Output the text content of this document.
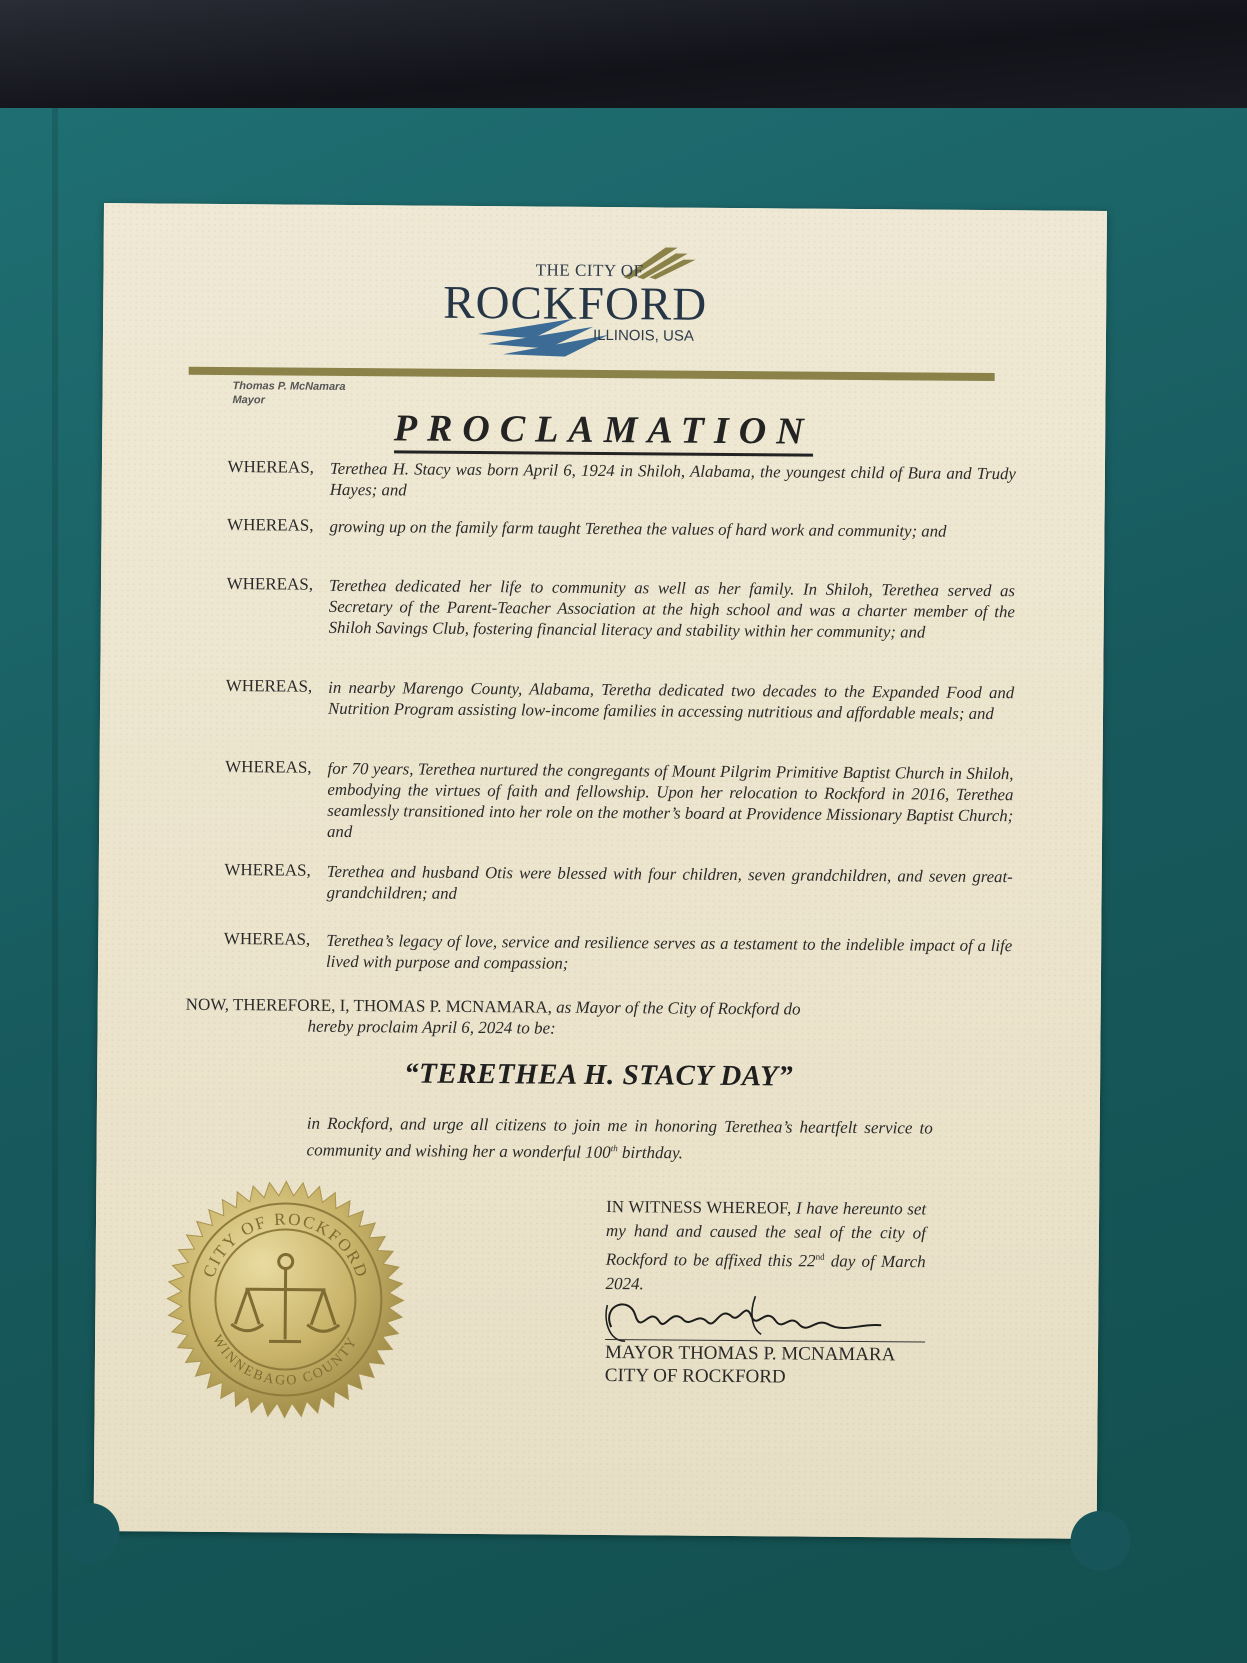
THE CITY OF
ROCKFORD
ILLINOIS, USA
Thomas P. McNamara
Mayor
PROCLAMATION
WHEREAS, Terethea H. Stacy was born April 6, 1924 in Shiloh, Alabama, the youngest child of Bura and Trudy Hayes; and
WHEREAS, growing up on the family farm taught Terethea the values of hard work and community; and
WHEREAS, Terethea dedicated her life to community as well as her family. In Shiloh, Terethea served as Secretary of the Parent-Teacher Association at the high school and was a charter member of the Shiloh Savings Club, fostering financial literacy and stability within her community; and
WHEREAS, in nearby Marengo County, Alabama, Teretha dedicated two decades to the Expanded Food and Nutrition Program assisting low-income families in accessing nutritious and affordable meals; and
WHEREAS, for 70 years, Terethea nurtured the congregants of Mount Pilgrim Primitive Baptist Church in Shiloh, embodying the virtues of faith and fellowship. Upon her relocation to Rockford in 2016, Terethea seamlessly transitioned into her role on the mother’s board at Providence Missionary Baptist Church; and
WHEREAS, Terethea and husband Otis were blessed with four children, seven grandchildren, and seven great-grandchildren; and
WHEREAS, Terethea’s legacy of love, service and resilience serves as a testament to the indelible impact of a life lived with purpose and compassion;
NOW, THEREFORE, I, THOMAS P. MCNAMARA, as Mayor of the City of Rockford do
hereby proclaim April 6, 2024 to be:
“TERETHEA H. STACY DAY”
in Rockford, and urge all citizens to join me in honoring Terethea’s heartfelt service to community and wishing her a wonderful 100th birthday.
IN WITNESS WHEREOF, I have hereunto set my hand and caused the seal of the city of Rockford to be affixed this 22nd day of March 2024.
MAYOR THOMAS P. MCNAMARA
CITY OF ROCKFORD
CITY OF ROCKFORD
WINNEBAGO COUNTY
